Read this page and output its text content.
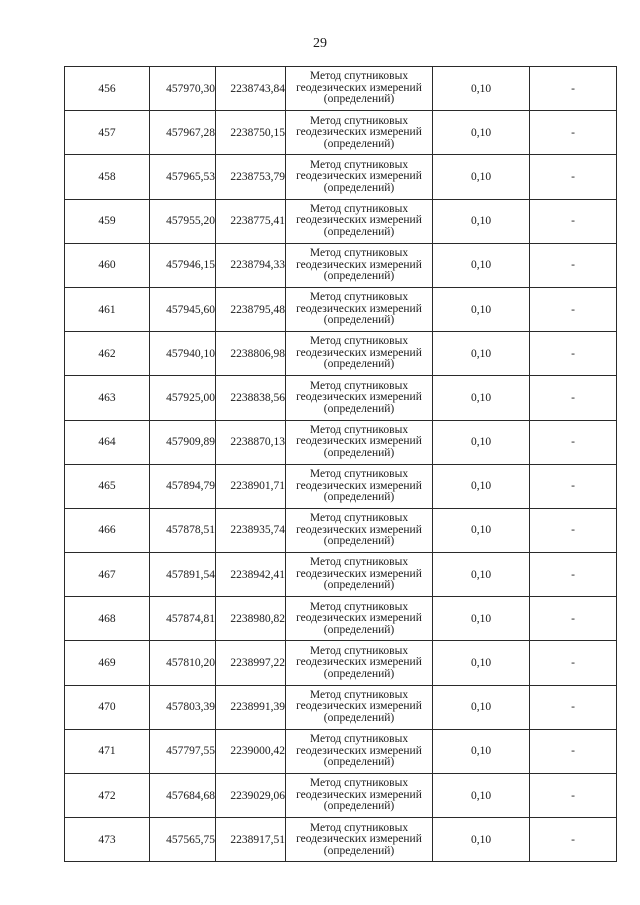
29
456	457970,30	2238743,84	Метод спутниковых
геодезических измерений
(определений)	0,10	-
457	457967,28	2238750,15	Метод спутниковых
геодезических измерений
(определений)	0,10	-
458	457965,53	2238753,79	Метод спутниковых
геодезических измерений
(определений)	0,10	-
459	457955,20	2238775,41	Метод спутниковых
геодезических измерений
(определений)	0,10	-
460	457946,15	2238794,33	Метод спутниковых
геодезических измерений
(определений)	0,10	-
461	457945,60	2238795,48	Метод спутниковых
геодезических измерений
(определений)	0,10	-
462	457940,10	2238806,98	Метод спутниковых
геодезических измерений
(определений)	0,10	-
463	457925,00	2238838,56	Метод спутниковых
геодезических измерений
(определений)	0,10	-
464	457909,89	2238870,13	Метод спутниковых
геодезических измерений
(определений)	0,10	-
465	457894,79	2238901,71	Метод спутниковых
геодезических измерений
(определений)	0,10	-
466	457878,51	2238935,74	Метод спутниковых
геодезических измерений
(определений)	0,10	-
467	457891,54	2238942,41	Метод спутниковых
геодезических измерений
(определений)	0,10	-
468	457874,81	2238980,82	Метод спутниковых
геодезических измерений
(определений)	0,10	-
469	457810,20	2238997,22	Метод спутниковых
геодезических измерений
(определений)	0,10	-
470	457803,39	2238991,39	Метод спутниковых
геодезических измерений
(определений)	0,10	-
471	457797,55	2239000,42	Метод спутниковых
геодезических измерений
(определений)	0,10	-
472	457684,68	2239029,06	Метод спутниковых
геодезических измерений
(определений)	0,10	-
473	457565,75	2238917,51	Метод спутниковых
геодезических измерений
(определений)	0,10	-
